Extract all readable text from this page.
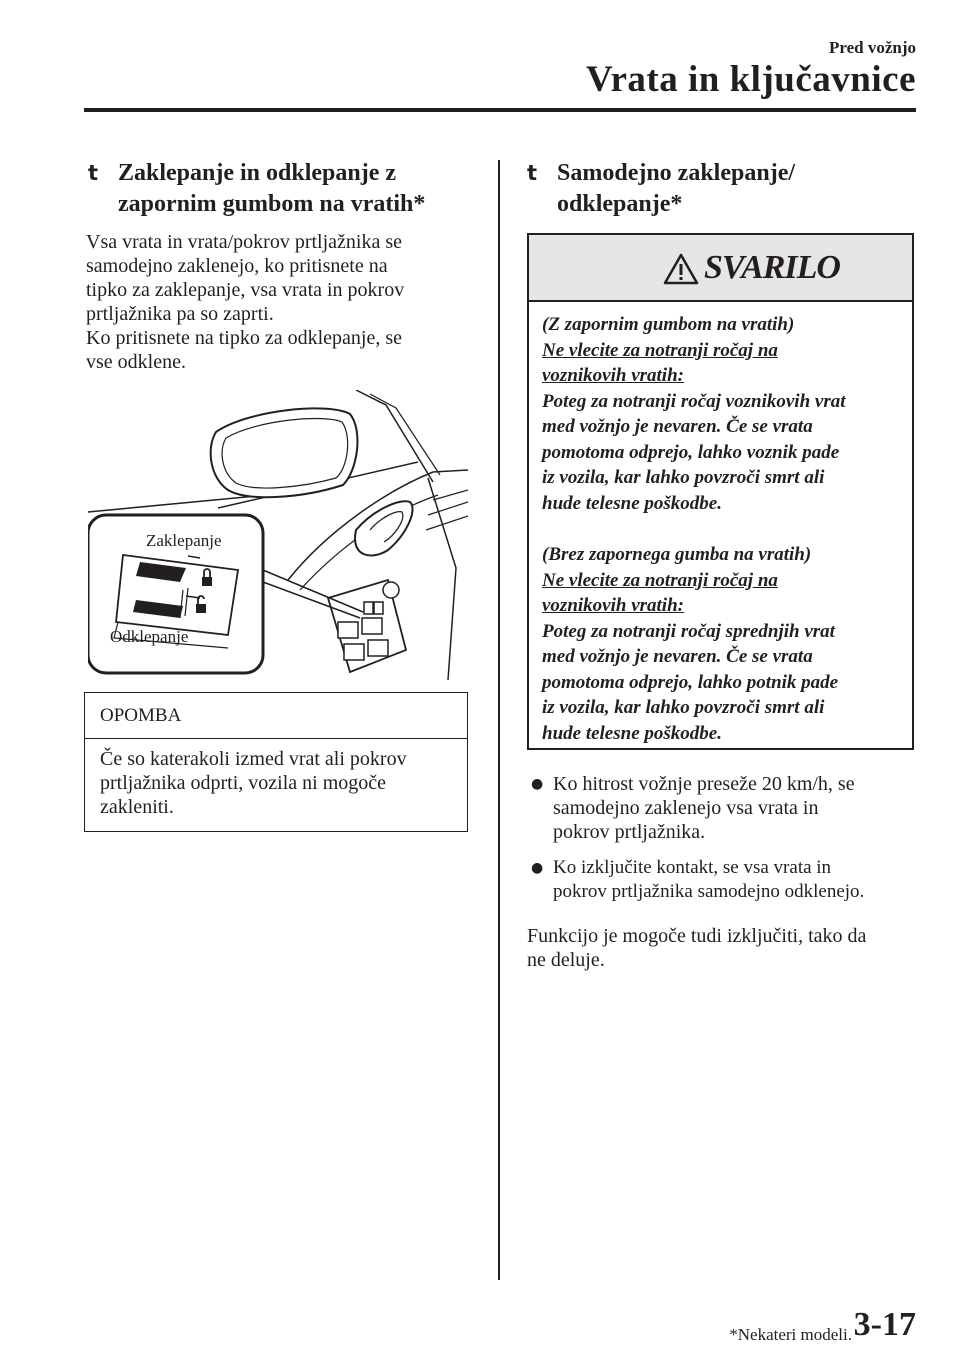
Pred vožnjo
Vrata in ključavnice
t Zaklepanje in odklepanje z
zapornim gumbom na vratih*
Vsa vrata in vrata/pokrov prtljažnika se
samodejno zaklenejo, ko pritisnete na
tipko za zaklepanje, vsa vrata in pokrov
prtljažnika pa so zaprti.
Ko pritisnete na tipko za odklepanje, se
vse odklene.
Zaklepanje
Odklepanje
OPOMBA
Če so katerakoli izmed vrat ali pokrov
prtljažnika odprti, vozila ni mogoče
zakleniti.
t Samodejno zaklepanje/
odklepanje*
SVARILO
(Z zapornim gumbom na vratih)
Ne vlecite za notranji ročaj na
voznikovih vratih:
Poteg za notranji ročaj voznikovih vrat
med vožnjo je nevaren. Če se vrata
pomotoma odprejo, lahko voznik pade
iz vozila, kar lahko povzroči smrt ali
hude telesne poškodbe.
(Brez zapornega gumba na vratih)
Ne vlecite za notranji ročaj na
voznikovih vratih:
Poteg za notranji ročaj sprednjih vrat
med vožnjo je nevaren. Če se vrata
pomotoma odprejo, lahko potnik pade
iz vozila, kar lahko povzroči smrt ali
hude telesne poškodbe.
● Ko hitrost vožnje preseže 20 km/h, se
samodejno zaklenejo vsa vrata in
pokrov prtljažnika.
● Ko izključite kontakt, se vsa vrata in
pokrov prtljažnika samodejno odklenejo.
Funkcijo je mogoče tudi izključiti, tako da
ne deluje.
*Nekateri modeli. 3-17
